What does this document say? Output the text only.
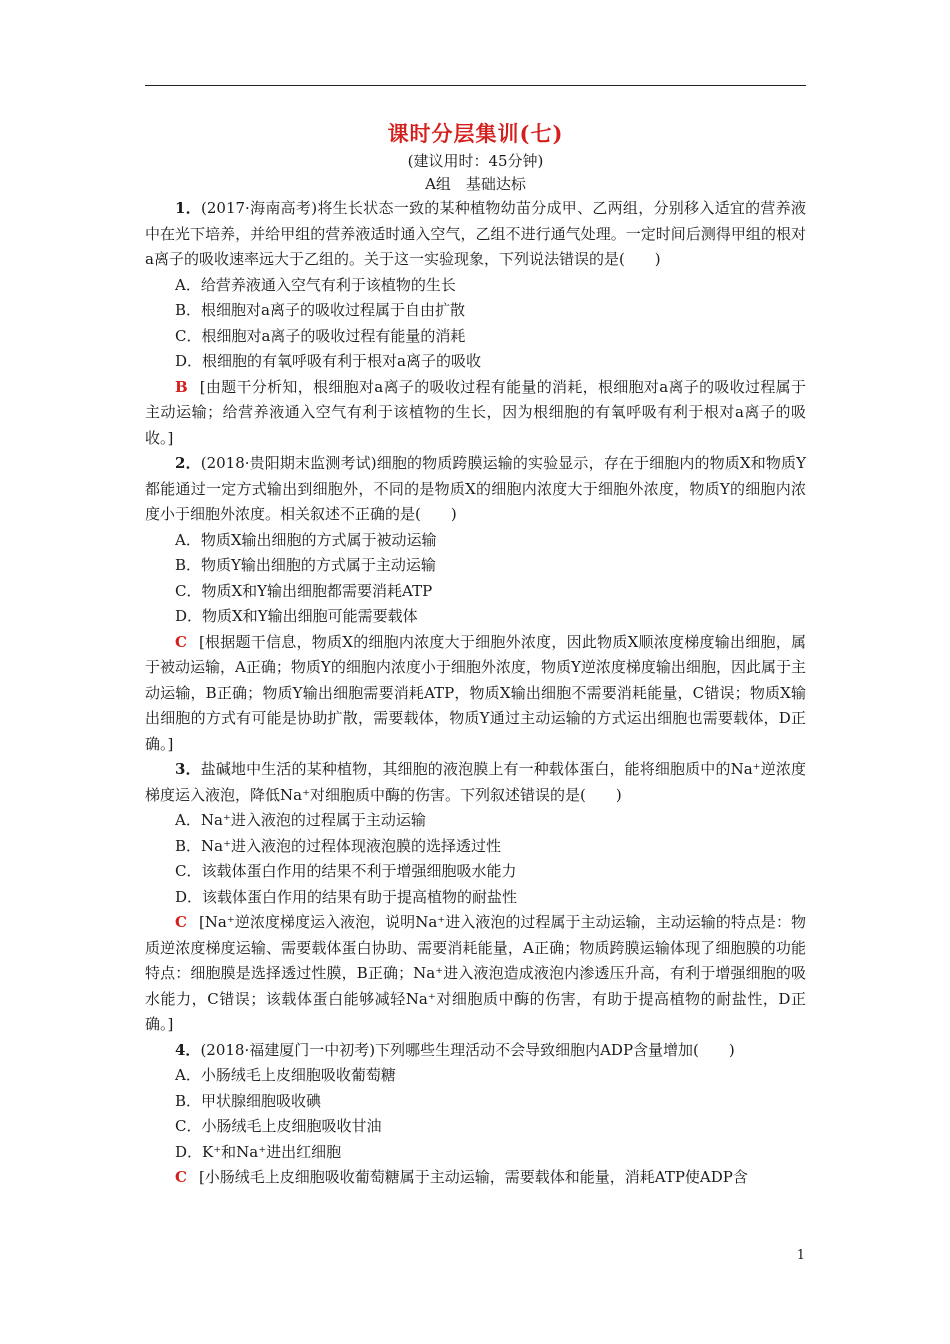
课时分层集训(七)
(建议用时：45分钟)
A组　基础达标

1．(2017·海南高考)将生长状态一致的某种植物幼苗分成甲、乙两组，分别移入适宜的营养液中在光下培养，并给甲组的营养液适时通入空气，乙组不进行通气处理。一定时间后测得甲组的根对a离子的吸收速率远大于乙组的。关于这一实验现象，下列说法错误的是(　　)

A．给营养液通入空气有利于该植物的生长

B．根细胞对a离子的吸收过程属于自由扩散

C．根细胞对a离子的吸收过程有能量的消耗

D．根细胞的有氧呼吸有利于根对a离子的吸收

B [由题干分析知，根细胞对a离子的吸收过程有能量的消耗，根细胞对a离子的吸收过程属于主动运输；给营养液通入空气有利于该植物的生长，因为根细胞的有氧呼吸有利于根对a离子的吸收。]

2．(2018·贵阳期末监测考试)细胞的物质跨膜运输的实验显示，存在于细胞内的物质X和物质Y都能通过一定方式输出到细胞外，不同的是物质X的细胞内浓度大于细胞外浓度，物质Y的细胞内浓度小于细胞外浓度。相关叙述不正确的是(　　)

A．物质X输出细胞的方式属于被动运输

B．物质Y输出细胞的方式属于主动运输

C．物质X和Y输出细胞都需要消耗ATP

D．物质X和Y输出细胞可能需要载体

C [根据题干信息，物质X的细胞内浓度大于细胞外浓度，因此物质X顺浓度梯度输出细胞，属于被动运输，A正确；物质Y的细胞内浓度小于细胞外浓度，物质Y逆浓度梯度输出细胞，因此属于主动运输，B正确；物质Y输出细胞需要消耗ATP，物质X输出细胞不需要消耗能量，C错误；物质X输出细胞的方式有可能是协助扩散，需要载体，物质Y通过主动运输的方式运出细胞也需要载体，D正确。]

3．盐碱地中生活的某种植物，其细胞的液泡膜上有一种载体蛋白，能将细胞质中的Na⁺逆浓度梯度运入液泡，降低Na⁺对细胞质中酶的伤害。下列叙述错误的是(　　)

A．Na⁺进入液泡的过程属于主动运输

B．Na⁺进入液泡的过程体现液泡膜的选择透过性

C．该载体蛋白作用的结果不利于增强细胞吸水能力

D．该载体蛋白作用的结果有助于提高植物的耐盐性

C [Na⁺逆浓度梯度运入液泡，说明Na⁺进入液泡的过程属于主动运输，主动运输的特点是：物质逆浓度梯度运输、需要载体蛋白协助、需要消耗能量，A正确；物质跨膜运输体现了细胞膜的功能特点：细胞膜是选择透过性膜，B正确；Na⁺进入液泡造成液泡内渗透压升高，有利于增强细胞的吸水能力，C错误；该载体蛋白能够减轻Na⁺对细胞质中酶的伤害，有助于提高植物的耐盐性，D正确。]

4．(2018·福建厦门一中初考)下列哪些生理活动不会导致细胞内ADP含量增加(　　)

A．小肠绒毛上皮细胞吸收葡萄糖

B．甲状腺细胞吸收碘

C．小肠绒毛上皮细胞吸收甘油

D．K⁺和Na⁺进出红细胞

C [小肠绒毛上皮细胞吸收葡萄糖属于主动运输，需要载体和能量，消耗ATP使ADP含

1
